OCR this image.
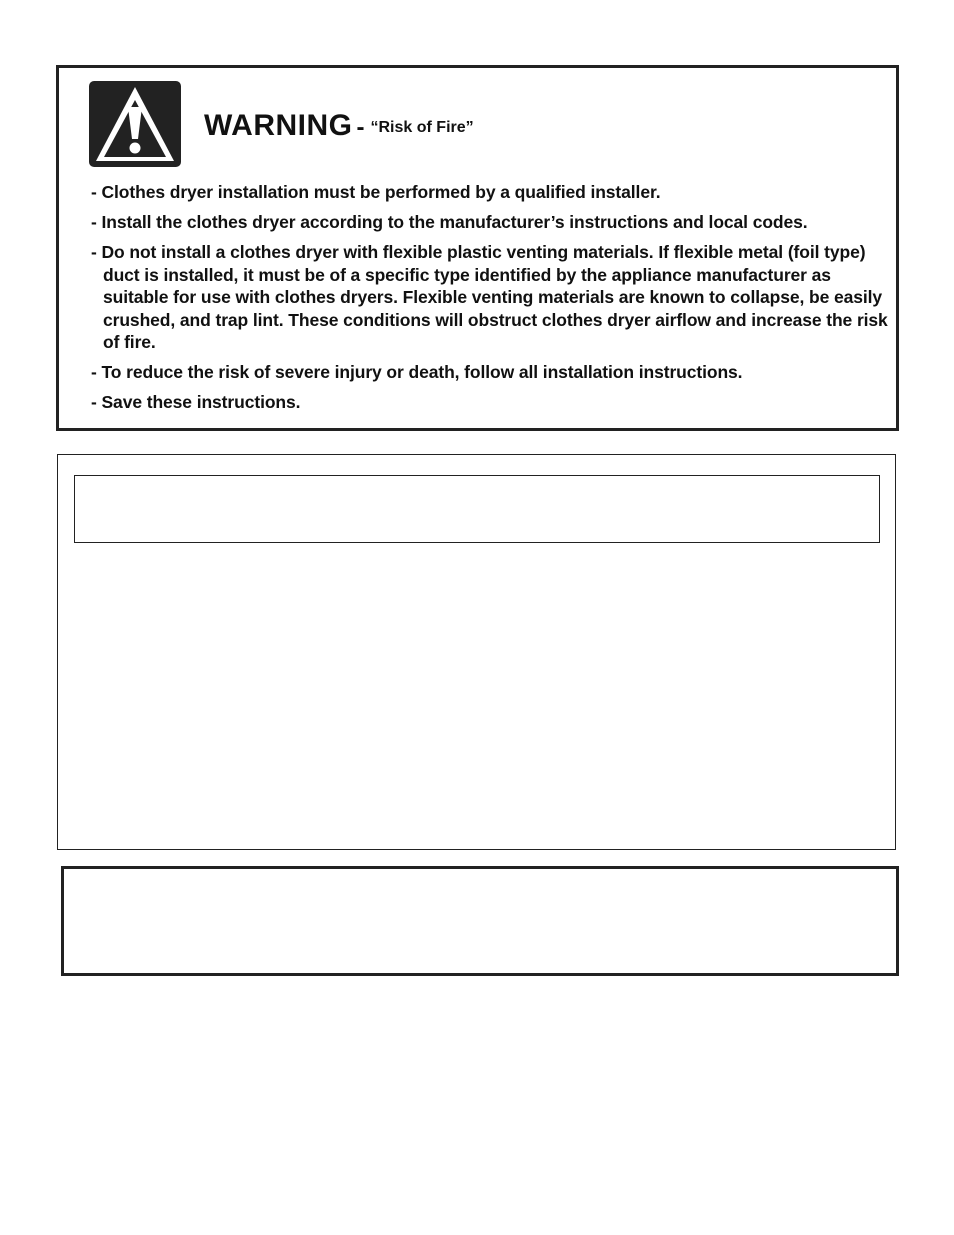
WARNING - “Risk of Fire”
- Clothes dryer installation must be performed by a qualified installer.
- Install the clothes dryer according to the manufacturer’s instructions and local codes.
- Do not install a clothes dryer with flexible plastic venting materials. If flexible metal (foil type) duct is installed, it must be of a specific type identified by the appliance manufacturer as suitable for use with clothes dryers. Flexible venting materials are known to collapse, be easily crushed, and trap lint. These conditions will obstruct clothes dryer airflow and increase the risk of fire.
- To reduce the risk of severe injury or death, follow all installation instructions.
- Save these instructions.
